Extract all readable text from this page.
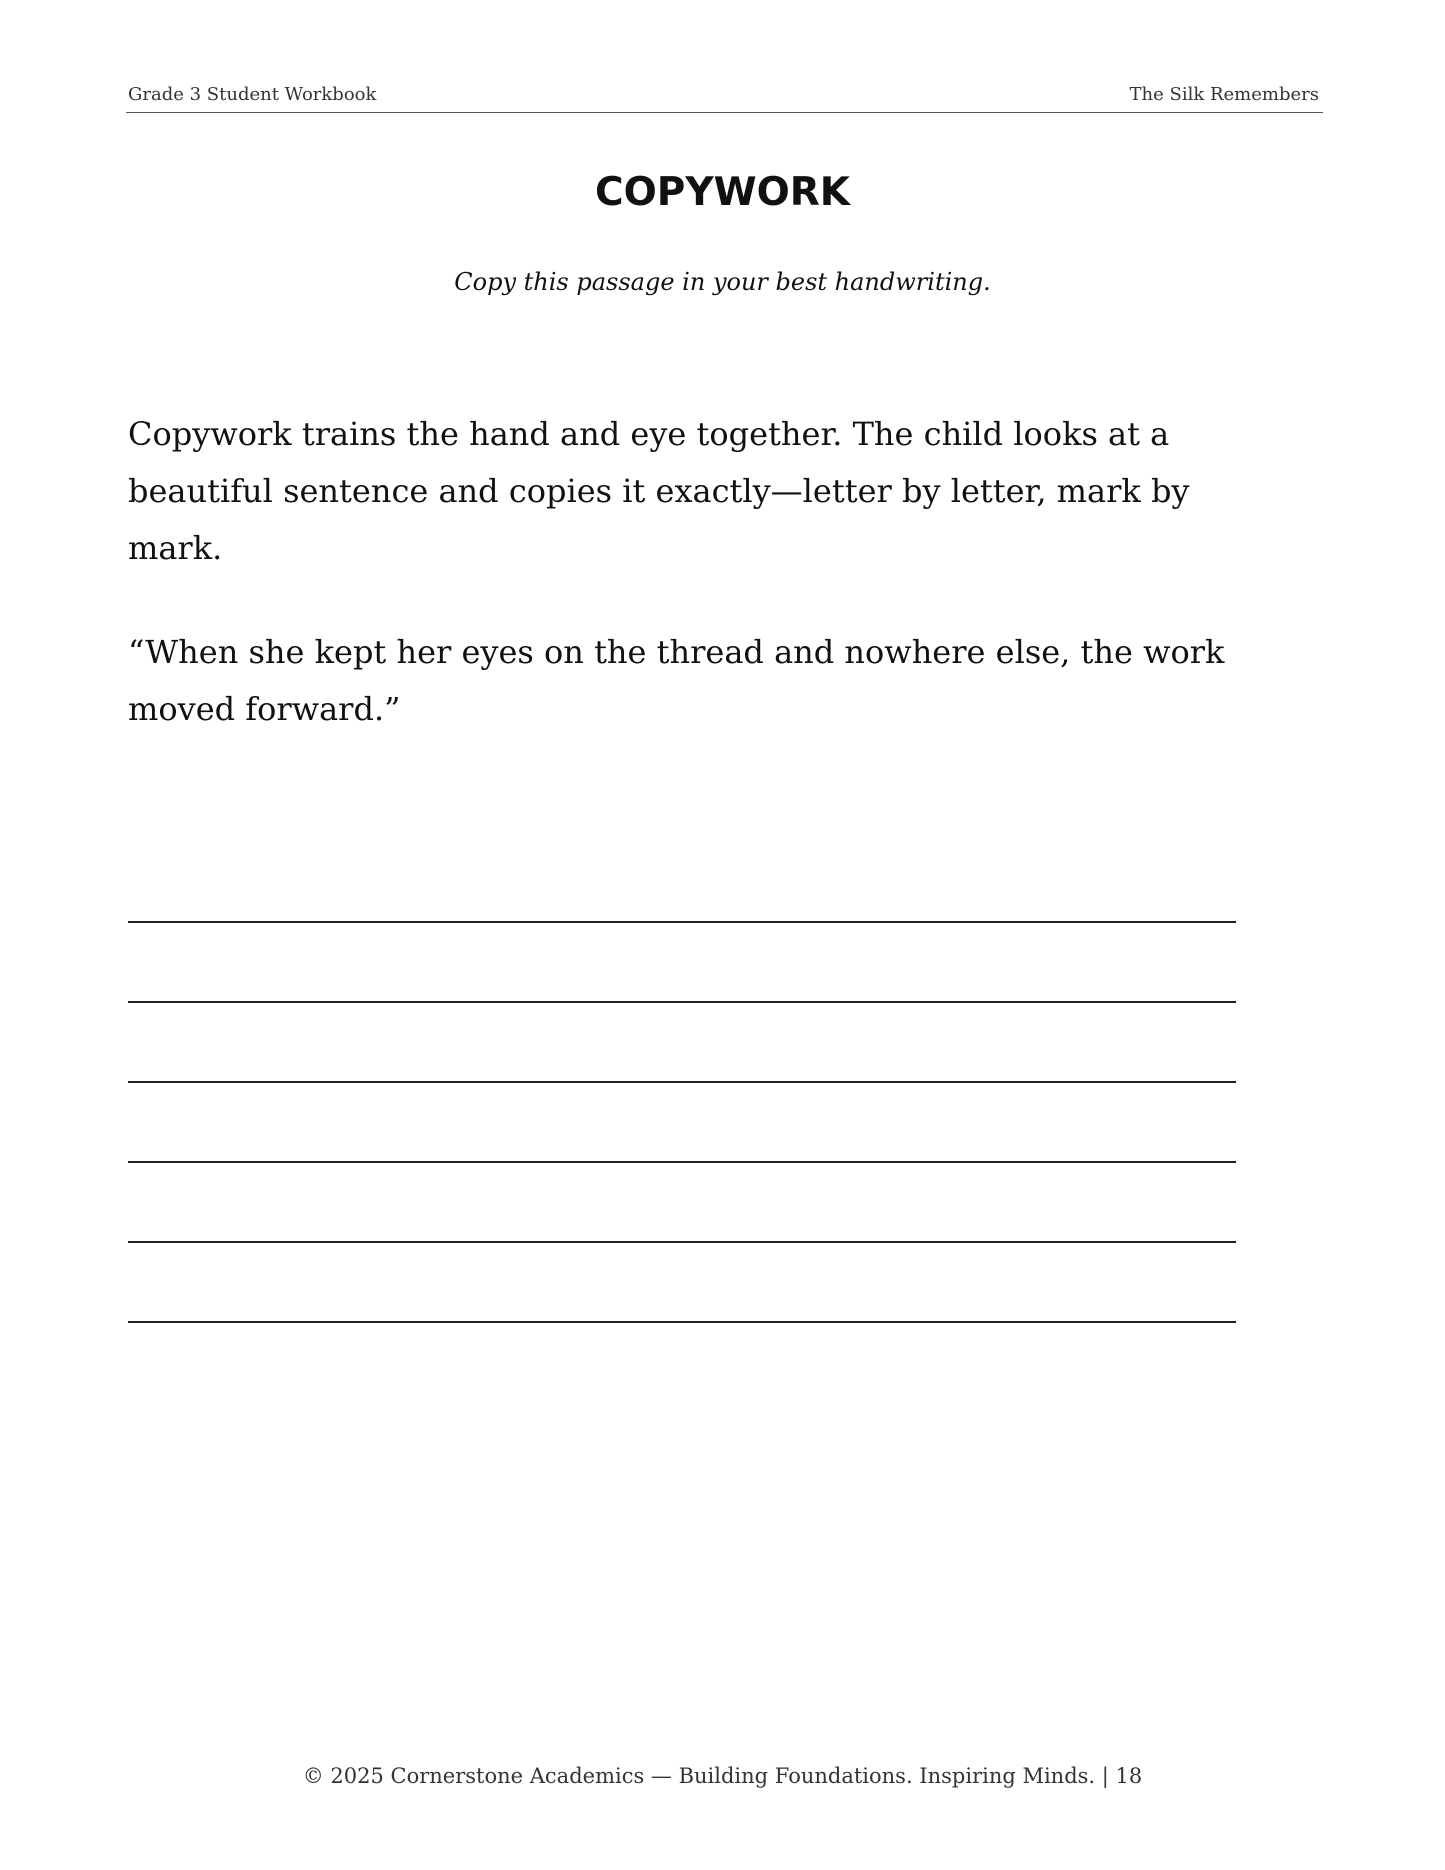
Grade 3 Student Workbook	The Silk Remembers
COPYWORK
Copy this passage in your best handwriting.
Copywork trains the hand and eye together. The child looks at a beautiful sentence and copies it exactly—letter by letter, mark by mark.
“When she kept her eyes on the thread and nowhere else, the work moved forward.”
© 2025 Cornerstone Academics — Building Foundations. Inspiring Minds. | 18
